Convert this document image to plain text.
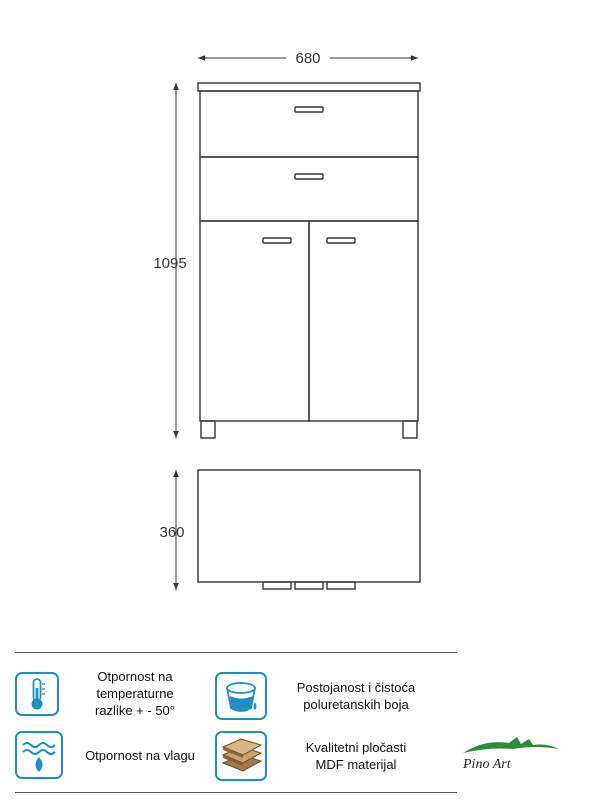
680
1095
360
Otpornost na
temperaturne
razlike + - 50°
Postojanost i čistoća
poluretanskih boja
Otpornost na vlagu	Kvalitetni pločasti
MDF materijal	Pino Art
